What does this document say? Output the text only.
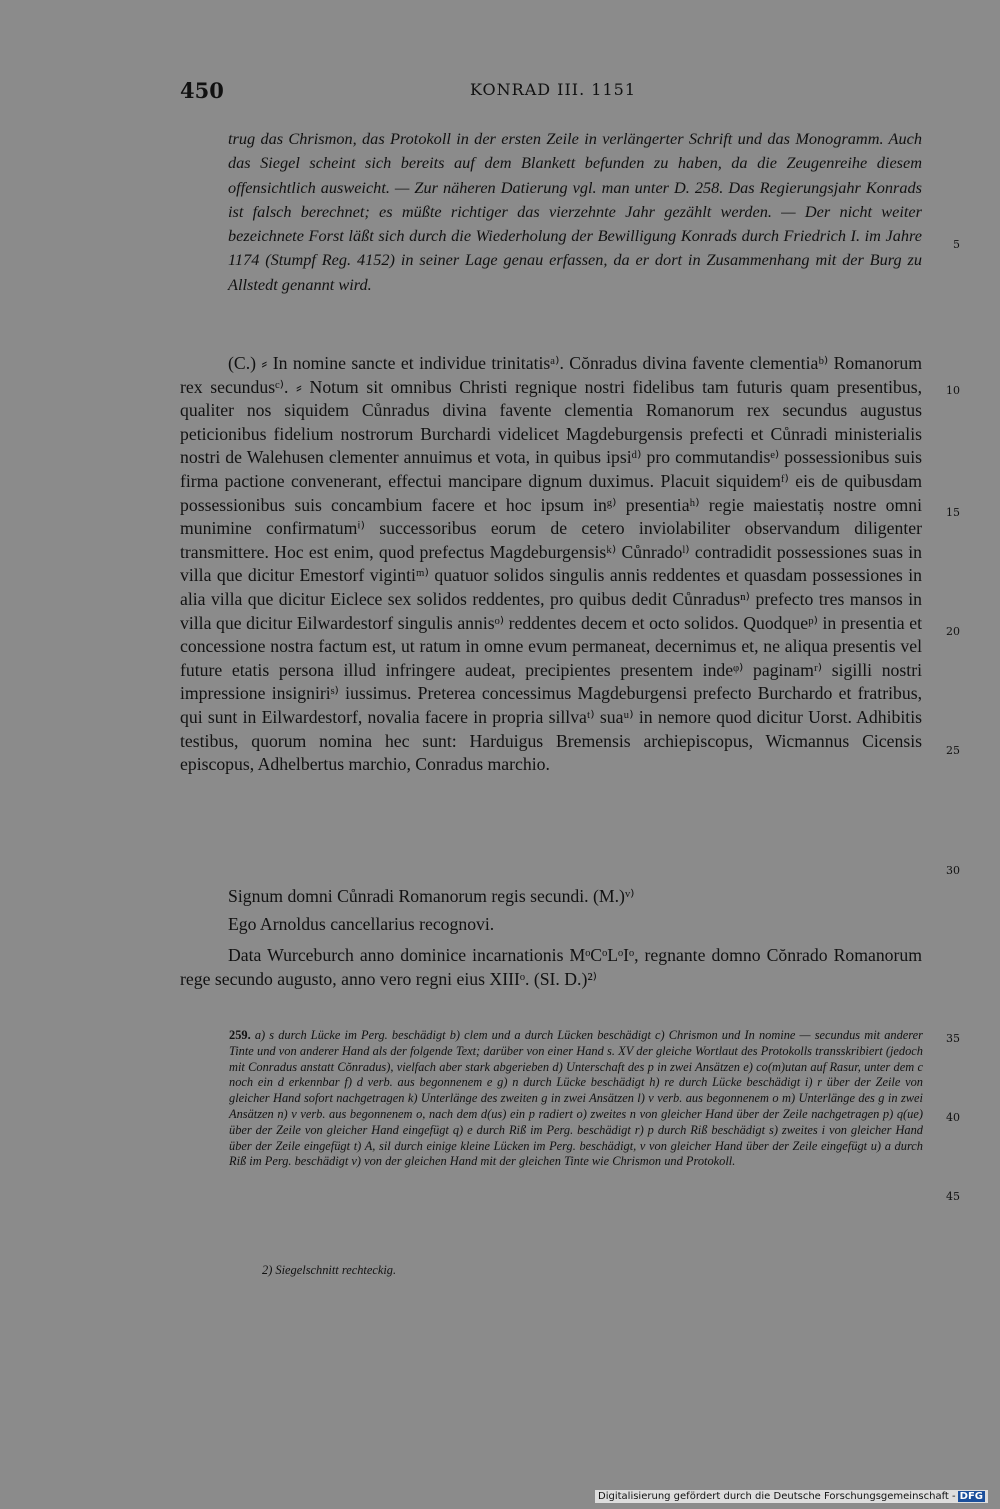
450	KONRAD III. 1151
trug das Chrismon, das Protokoll in der ersten Zeile in verlängerter Schrift und das Monogramm. Auch das Siegel scheint sich bereits auf dem Blankett befunden zu haben, da die Zeugenreihe diesem offensichtlich ausweicht. — Zur näheren Datierung vgl. man unter D. 258. Das Regierungsjahr Konrads ist falsch berechnet; es müßte richtiger das vierzehnte Jahr gezählt werden. — Der nicht weiter bezeichnete Forst läßt sich durch die Wiederholung der Bewilligung Konrads durch Friedrich I. im Jahre 1174 (Stumpf Reg. 4152) in seiner Lage genau erfassen, da er dort in Zusammenhang mit der Burg zu Allstedt genannt wird.
(C.) ⸗ In nomine sancte et individue trinitatisᵃ⁾. Cŏnradus divina favente clementiaᵇ⁾ Romanorum rex secundusᶜ⁾. ⸗ Notum sit omnibus Christi regnique nostri fidelibus tam futuris quam presentibus, qualiter nos siquidem Cůnradus divina favente clementia Romanorum rex secundus augustus peticionibus fidelium nostrorum Burchardi videlicet Magdeburgensis prefecti et Cůnradi ministerialis nostri de Walehusen clementer annuimus et vota, in quibus ipsiᵈ⁾ pro commutandisᵉ⁾ possessionibus suis firma pactione convenerant, effectui mancipare dignum duximus. Placuit siquidemᶠ⁾ eis de quibusdam possessionibus suis concambium facere et hoc ipsum inᵍ⁾ presentiaʰ⁾ regie maiestatiș nostre omni munimine confirmatumⁱ⁾ successoribus eorum de cetero inviolabiliter observandum diligenter transmittere. Hoc est enim, quod prefectus Magdeburgensisᵏ⁾ Cůnradoˡ⁾ contradidit possessiones suas in villa que dicitur Emestorf vigintiᵐ⁾ quatuor solidos singulis annis reddentes et quasdam possessiones in alia villa que dicitur Eiclece sex solidos reddentes, pro quibus dedit Cůnradusⁿ⁾ prefecto tres mansos in villa que dicitur Eilwardestorf singulis annisᵒ⁾ reddentes decem et octo solidos. Quodqueᵖ⁾ in presentia et concessione nostra factum est, ut ratum in omne evum permaneat, decernimus et, ne aliqua presentis vel future etatis persona illud infringere audeat, precipientes presentem indeᵠ⁾ paginamʳ⁾ sigilli nostri impressione insigniriˢ⁾ iussimus. Preterea concessimus Magdeburgensi prefecto Burchardo et fratribus, qui sunt in Eilwardestorf, novalia facere in propria sillvaᵗ⁾ suaᵘ⁾ in nemore quod dicitur Uorst. Adhibitis testibus, quorum nomina hec sunt: Harduigus Bremensis archiepiscopus, Wicmannus Cicensis episcopus, Adhelbertus marchio, Conradus marchio.
Signum domni Cůnradi Romanorum regis secundi. (M.)ᵛ⁾
Ego Arnoldus cancellarius recognovi.
Data Wurceburch anno dominice incarnationis MᵒCᵒLᵒIᵒ, regnante domno Cŏnrado Romanorum rege secundo augusto, anno vero regni eius XIIIᵒ. (SI. D.)²⁾
259. a) s durch Lücke im Perg. beschädigt b) clem und a durch Lücken beschädigt c) Chrismon und In nomine — secundus mit anderer Tinte und von anderer Hand als der folgende Text; darüber von einer Hand s. XV der gleiche Wortlaut des Protokolls transskribiert (jedoch mit Conradus anstatt Cŏnradus), vielfach aber stark abgerieben d) Unterschaft des p in zwei Ansätzen e) co(m)utan auf Rasur, unter dem c noch ein d erkennbar f) d verb. aus begonnenem e g) n durch Lücke beschädigt h) re durch Lücke beschädigt i) r über der Zeile von gleicher Hand sofort nachgetragen k) Unterlänge des zweiten g in zwei Ansätzen l) v verb. aus begonnenem o m) Unterlänge des g in zwei Ansätzen n) v verb. aus begonnenem o, nach dem d(us) ein p radiert o) zweites n von gleicher Hand über der Zeile nachgetragen p) q(ue) über der Zeile von gleicher Hand eingefügt q) e durch Riß im Perg. beschädigt r) p durch Riß beschädigt s) zweites i von gleicher Hand über der Zeile eingefügt t) A, sil durch einige kleine Lücken im Perg. beschädigt, v von gleicher Hand über der Zeile eingefügt u) a durch Riß im Perg. beschädigt v) von der gleichen Hand mit der gleichen Tinte wie Chrismon und Protokoll.
2) Siegelschnitt rechteckig.
5
10
15
20
25
30
35
40
45
Digitalisierung gefördert durch die Deutsche Forschungsgemeinschaft - DFG
